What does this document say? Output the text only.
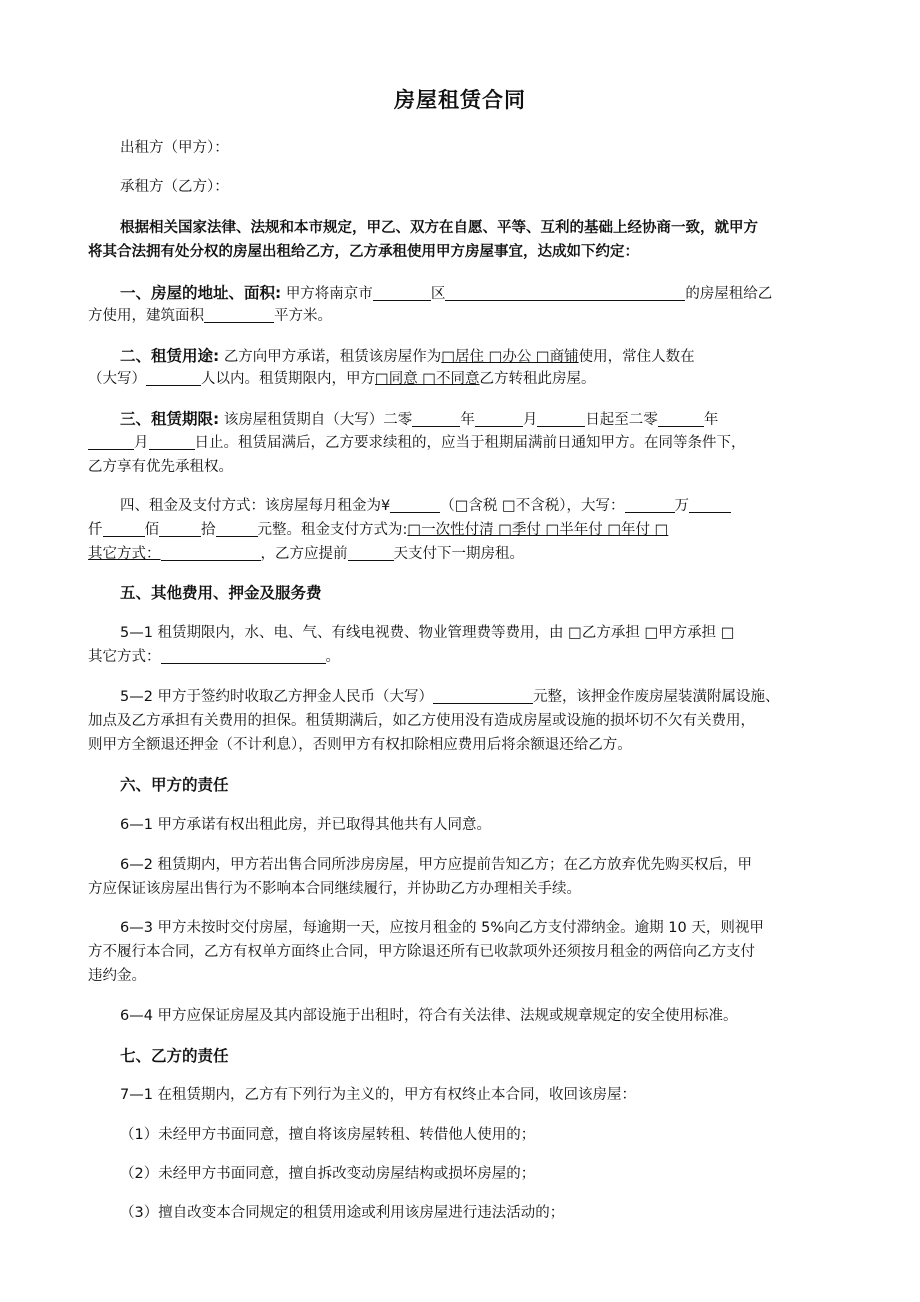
房屋租赁合同
出租方（甲方）：
承租方（乙方）：
根据相关国家法律、法规和本市规定，甲乙、双方在自愿、平等、互利的基础上经协商一致，就甲方
将其合法拥有处分权的房屋出租给乙方，乙方承租使用甲方房屋事宜，达成如下约定：
一、房屋的地址、面积: 甲方将南京市	区	的房屋租给乙
方使用，建筑面积	平方米。
二、租赁用途: 乙方向甲方承诺，租赁该房屋作为□居住 □办公 □商铺使用，常住人数在
（大写）	人以内。租赁期限内，甲方□同意 □不同意乙方转租此房屋。
三、租赁期限: 该房屋租赁期自（大写）二零	年	月	日起至二零	年
月	日止。租赁届满后，乙方要求续租的，应当于租期届满前日通知甲方。在同等条件下，
乙方享有优先承租权。
四、租金及支付方式：该房屋每月租金为¥	（□含税 □不含税），大写：	万
仟	佰	拾	元整。租金支付方式为:□一次性付清 □季付 □半年付 □年付 □
其它方式：	，乙方应提前	天支付下一期房租。
五、其他费用、押金及服务费
5—1 租赁期限内，水、电、气、有线电视费、物业管理费等费用，由 □乙方承担 □甲方承担 □
其它方式：	。
5—2 甲方于签约时收取乙方押金人民币（大写）	元整，该押金作废房屋装潢附属设施、
加点及乙方承担有关费用的担保。租赁期满后，如乙方使用没有造成房屋或设施的损坏切不欠有关费用，
则甲方全额退还押金（不计利息），否则甲方有权扣除相应费用后将余额退还给乙方。
六、甲方的责任
6—1 甲方承诺有权出租此房，并已取得其他共有人同意。
6—2 租赁期内，甲方若出售合同所涉房房屋，甲方应提前告知乙方；在乙方放弃优先购买权后，甲
方应保证该房屋出售行为不影响本合同继续履行，并协助乙方办理相关手续。
6—3 甲方未按时交付房屋，每逾期一天，应按月租金的 5%向乙方支付滞纳金。逾期 10 天，则视甲
方不履行本合同，乙方有权单方面终止合同，甲方除退还所有已收款项外还须按月租金的两倍向乙方支付
违约金。
6—4 甲方应保证房屋及其内部设施于出租时，符合有关法律、法规或规章规定的安全使用标准。
七、乙方的责任
7—1 在租赁期内，乙方有下列行为主义的，甲方有权终止本合同，收回该房屋：
（1）未经甲方书面同意，擅自将该房屋转租、转借他人使用的；
（2）未经甲方书面同意，擅自拆改变动房屋结构或损坏房屋的；
（3）擅自改变本合同规定的租赁用途或利用该房屋进行违法活动的；
